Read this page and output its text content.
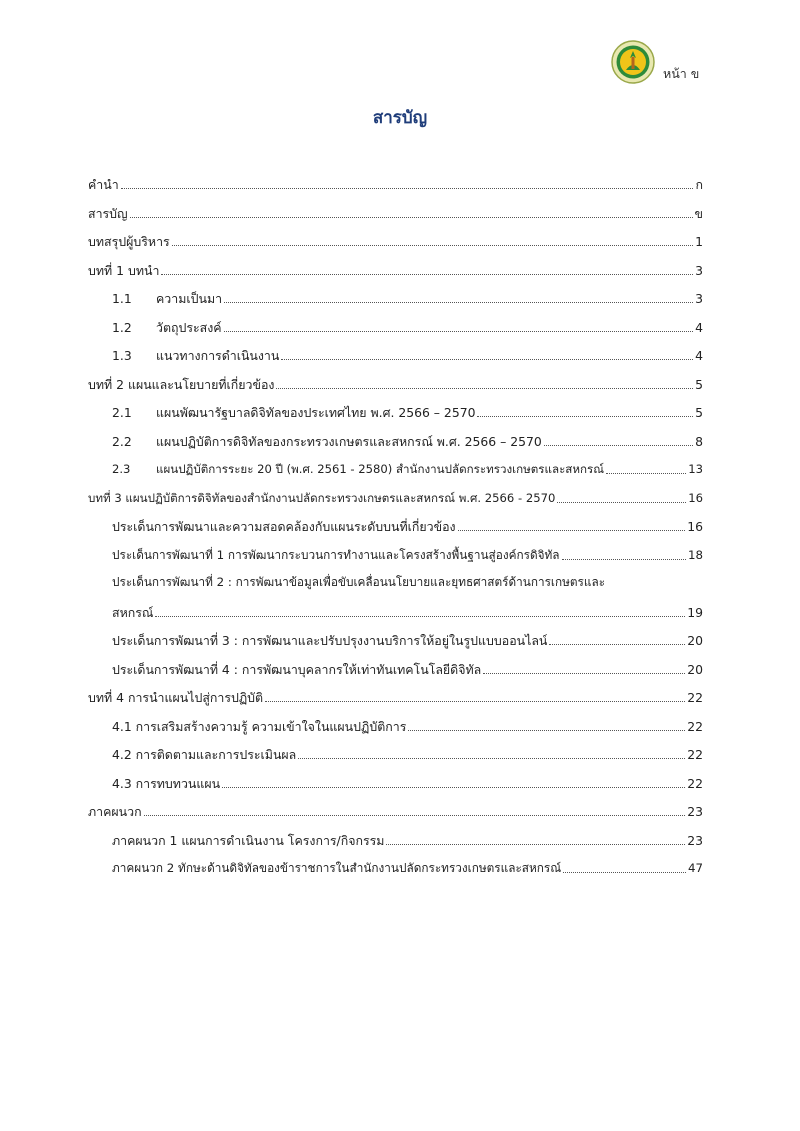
หน้า ข
สารบัญ
คำนำ	ก
สารบัญ	ข
บทสรุปผู้บริหาร	1
บทที่ 1 บทนำ	3
1.1	ความเป็นมา	3
1.2	วัตถุประสงค์	4
1.3	แนวทางการดำเนินงาน	4
บทที่ 2 แผนและนโยบายที่เกี่ยวข้อง	5
2.1	แผนพัฒนารัฐบาลดิจิทัลของประเทศไทย พ.ศ. 2566 – 2570	5
2.2	แผนปฏิบัติการดิจิทัลของกระทรวงเกษตรและสหกรณ์ พ.ศ. 2566 – 2570	8
2.3	แผนปฏิบัติการระยะ 20 ปี (พ.ศ. 2561 - 2580) สำนักงานปลัดกระทรวงเกษตรและสหกรณ์	13
บทที่ 3 แผนปฏิบัติการดิจิทัลของสำนักงานปลัดกระทรวงเกษตรและสหกรณ์ พ.ศ. 2566 - 2570	16
ประเด็นการพัฒนาและความสอดคล้องกับแผนระดับบนที่เกี่ยวข้อง	16
ประเด็นการพัฒนาที่ 1 การพัฒนากระบวนการทำงานและโครงสร้างพื้นฐานสู่องค์กรดิจิทัล	18
ประเด็นการพัฒนาที่ 2 : การพัฒนาข้อมูลเพื่อขับเคลื่อนนโยบายและยุทธศาสตร์ด้านการเกษตรและ
สหกรณ์	19
ประเด็นการพัฒนาที่ 3 : การพัฒนาและปรับปรุงงานบริการให้อยู่ในรูปแบบออนไลน์	20
ประเด็นการพัฒนาที่ 4 : การพัฒนาบุคลากรให้เท่าทันเทคโนโลยีดิจิทัล	20
บทที่ 4 การนำแผนไปสู่การปฏิบัติ	22
4.1 การเสริมสร้างความรู้ ความเข้าใจในแผนปฏิบัติการ	22
4.2 การติดตามและการประเมินผล	22
4.3 การทบทวนแผน	22
ภาคผนวก	23
ภาคผนวก 1 แผนการดำเนินงาน โครงการ/กิจกรรม	23
ภาคผนวก 2 ทักษะด้านดิจิทัลของข้าราชการในสำนักงานปลัดกระทรวงเกษตรและสหกรณ์	47
